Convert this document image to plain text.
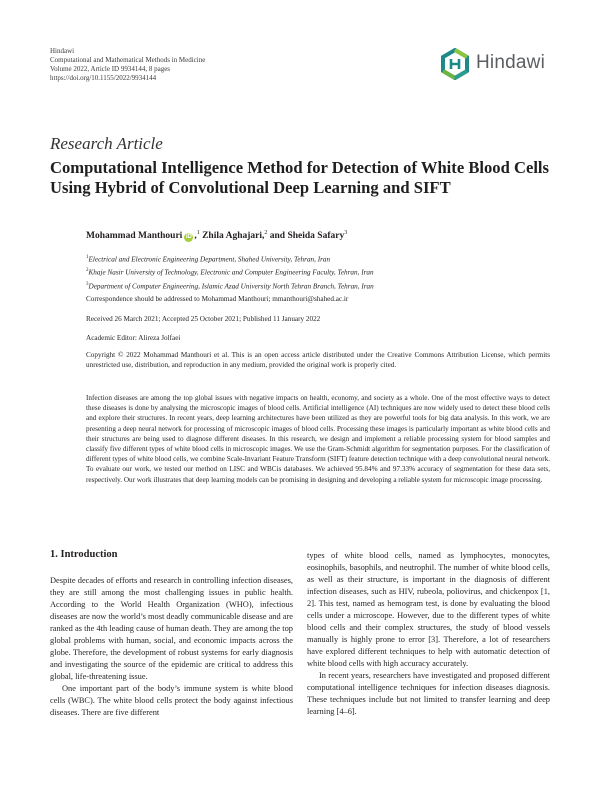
Hindawi
Computational and Mathematical Methods in Medicine
Volume 2022, Article ID 9934144, 8 pages
https://doi.org/10.1155/2022/9934144
Hindawi
Research Article
Computational Intelligence Method for Detection of White Blood Cells Using Hybrid of Convolutional Deep Learning and SIFT
Mohammad Manthouri iD ,$^1$ Zhila Aghajari,$^2$ and Sheida Safary$^3$
$^1$Electrical and Electronic Engineering Department, Shahed University, Tehran, Iran
$^2$Khaje Nasir University of Technology, Electronic and Computer Engineering Faculty, Tehran, Iran
$^3$Department of Computer Engineering, Islamic Azad University North Tehran Branch, Tehran, Iran
Correspondence should be addressed to Mohammad Manthouri; mmanthouri@shahed.ac.ir
Received 26 March 2021; Accepted 25 October 2021; Published 11 January 2022
Academic Editor: Alireza Jolfaei
Copyright © 2022 Mohammad Manthouri et al. This is an open access article distributed under the Creative Commons Attribution License, which permits unrestricted use, distribution, and reproduction in any medium, provided the original work is properly cited.
Infection diseases are among the top global issues with negative impacts on health, economy, and society as a whole. One of the most effective ways to detect these diseases is done by analysing the microscopic images of blood cells. Artificial intelligence (AI) techniques are now widely used to detect these blood cells and explore their structures. In recent years, deep learning architectures have been utilized as they are powerful tools for big data analysis. In this work, we are presenting a deep neural network for processing of microscopic images of blood cells. Processing these images is particularly important as white blood cells and their structures are being used to diagnose different diseases. In this research, we design and implement a reliable processing system for blood samples and classify five different types of white blood cells in microscopic images. We use the Gram-Schmidt algorithm for segmentation purposes. For the classification of different types of white blood cells, we combine Scale-Invariant Feature Transform (SIFT) feature detection technique with a deep convolutional neural network. To evaluate our work, we tested our method on LISC and WBCis databases. We achieved 95.84% and 97.33% accuracy of segmentation for these data sets, respectively. Our work illustrates that deep learning models can be promising in designing and developing a reliable system for microscopic image processing.
1. Introduction
Despite decades of efforts and research in controlling infection diseases, they are still among the most challenging issues in public health. According to the World Health Organization (WHO), infectious diseases are now the world’s most deadly communicable disease and are ranked as the 4th leading cause of human death. They are among the top global problems with human, social, and economic impacts across the globe. Therefore, the development of robust systems for early diagnosis and investigating the source of the epidemic are critical to address this global, life-threatening issue.
One important part of the body’s immune system is white blood cells (WBC). The white blood cells protect the body against infectious diseases. There are five different
types of white blood cells, named as lymphocytes, monocytes, eosinophils, basophils, and neutrophil. The number of white blood cells, as well as their structure, is important in the diagnosis of different infection diseases, such as HIV, rubeola, poliovirus, and chickenpox [1, 2]. This test, named as hemogram test, is done by evaluating the blood cells under a microscope. However, due to the different types of white blood cells and their complex structures, the study of blood vessels manually is highly prone to error [3]. Therefore, a lot of researchers have explored different techniques to help with automatic detection of white blood cells with high accuracy accurately.
In recent years, researchers have investigated and proposed different computational intelligence techniques for infection diseases diagnosis. These techniques include but not limited to transfer learning and deep learning [4–6].
